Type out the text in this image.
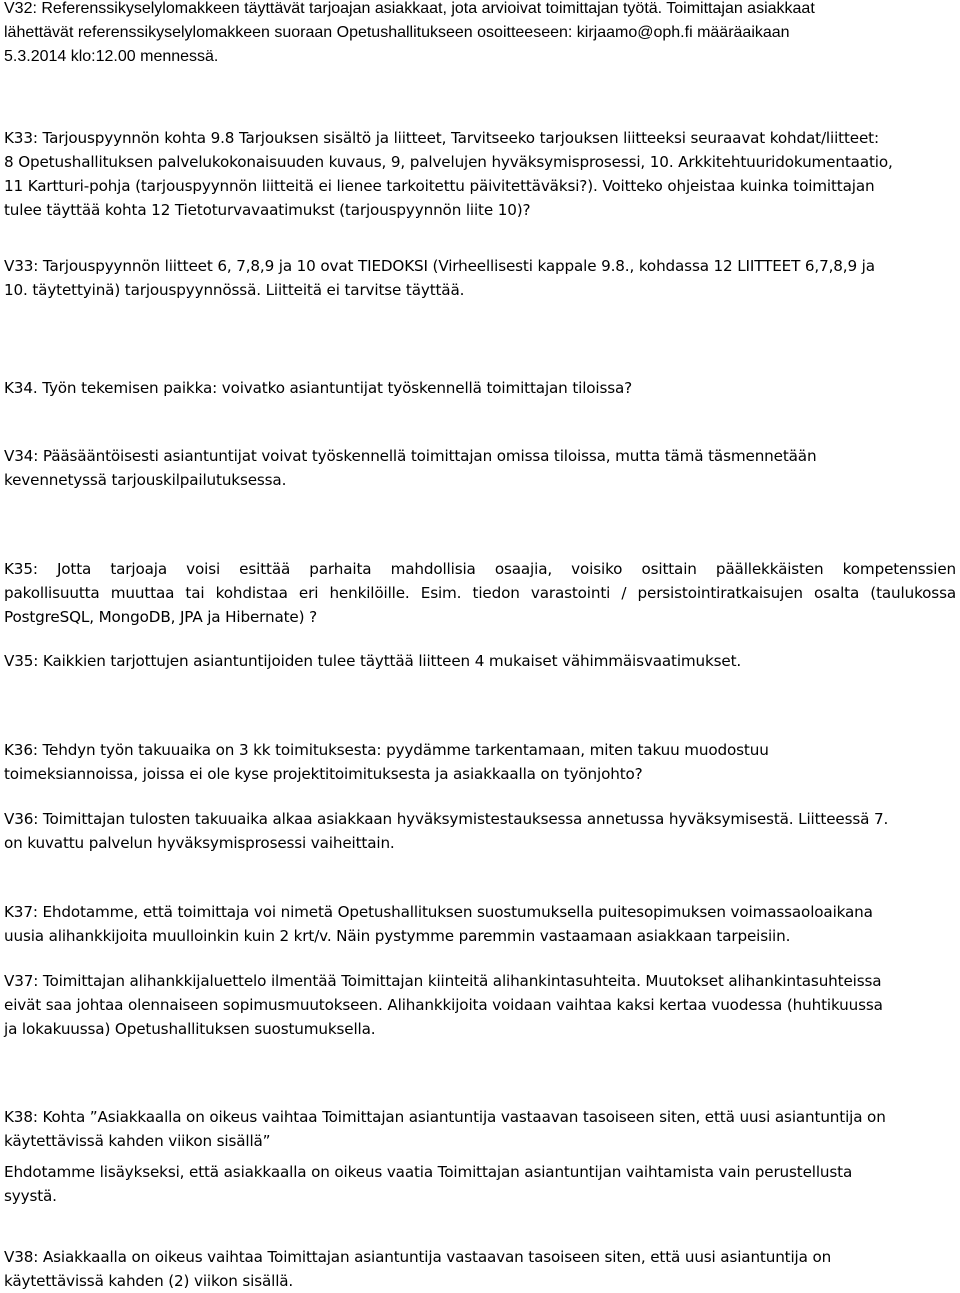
V32: Referenssikyselylomakkeen täyttävät tarjoajan asiakkaat, jota arvioivat toimittajan työtä. Toimittajan asiakkaat
lähettävät referenssikyselylomakkeen suoraan Opetushallitukseen osoitteeseen: kirjaamo@oph.fi määräaikaan
5.3.2014 klo:12.00 mennessä.
K33: Tarjouspyynnön kohta 9.8 Tarjouksen sisältö ja liitteet, Tarvitseeko tarjouksen liitteeksi seuraavat kohdat/liitteet:
8 Opetushallituksen palvelukokonaisuuden kuvaus, 9, palvelujen hyväksymisprosessi, 10. Arkkitehtuuridokumentaatio,
11 Kartturi-pohja (tarjouspyynnön liitteitä ei lienee tarkoitettu päivitettäväksi?). Voitteko ohjeistaa kuinka toimittajan
tulee täyttää kohta 12 Tietoturvavaatimukst (tarjouspyynnön liite 10)?
V33: Tarjouspyynnön liitteet 6, 7,8,9 ja 10 ovat TIEDOKSI (Virheellisesti kappale 9.8., kohdassa 12 LIITTEET 6,7,8,9 ja
10. täytettyinä) tarjouspyynnössä. Liitteitä ei tarvitse täyttää.
K34. Työn tekemisen paikka: voivatko asiantuntijat työskennellä toimittajan tiloissa?
V34: Pääsääntöisesti asiantuntijat voivat työskennellä toimittajan omissa tiloissa, mutta tämä täsmennetään
kevennetyssä tarjouskilpailutuksessa.
K35: Jotta tarjoaja voisi esittää parhaita mahdollisia osaajia, voisiko osittain päällekkäisten kompetenssien
pakollisuutta muuttaa tai kohdistaa eri henkilöille. Esim. tiedon varastointi / persistointiratkaisujen osalta (taulukossa
PostgreSQL, MongoDB, JPA ja Hibernate) ?
V35: Kaikkien tarjottujen asiantuntijoiden tulee täyttää liitteen 4 mukaiset vähimmäisvaatimukset.
K36: Tehdyn työn takuuaika on 3 kk toimituksesta: pyydämme tarkentamaan, miten takuu muodostuu
toimeksiannoissa, joissa ei ole kyse projektitoimituksesta ja asiakkaalla on työnjohto?
V36: Toimittajan tulosten takuuaika alkaa asiakkaan hyväksymistestauksessa annetussa hyväksymisestä. Liitteessä 7.
on kuvattu palvelun hyväksymisprosessi vaiheittain.
K37: Ehdotamme, että toimittaja voi nimetä Opetushallituksen suostumuksella puitesopimuksen voimassaoloaikana
uusia alihankkijoita muulloinkin kuin 2 krt/v. Näin pystymme paremmin vastaamaan asiakkaan tarpeisiin.
V37: Toimittajan alihankkijaluettelo ilmentää Toimittajan kiinteitä alihankintasuhteita. Muutokset alihankintasuhteissa
eivät saa johtaa olennaiseen sopimusmuutokseen. Alihankkijoita voidaan vaihtaa kaksi kertaa vuodessa (huhtikuussa
ja lokakuussa) Opetushallituksen suostumuksella.
K38: Kohta ”Asiakkaalla on oikeus vaihtaa Toimittajan asiantuntija vastaavan tasoiseen siten, että uusi asiantuntija on
käytettävissä kahden viikon sisällä”
Ehdotamme lisäykseksi, että asiakkaalla on oikeus vaatia Toimittajan asiantuntijan vaihtamista vain perustellusta
syystä.
V38: Asiakkaalla on oikeus vaihtaa Toimittajan asiantuntija vastaavan tasoiseen siten, että uusi asiantuntija on
käytettävissä kahden (2) viikon sisällä.
